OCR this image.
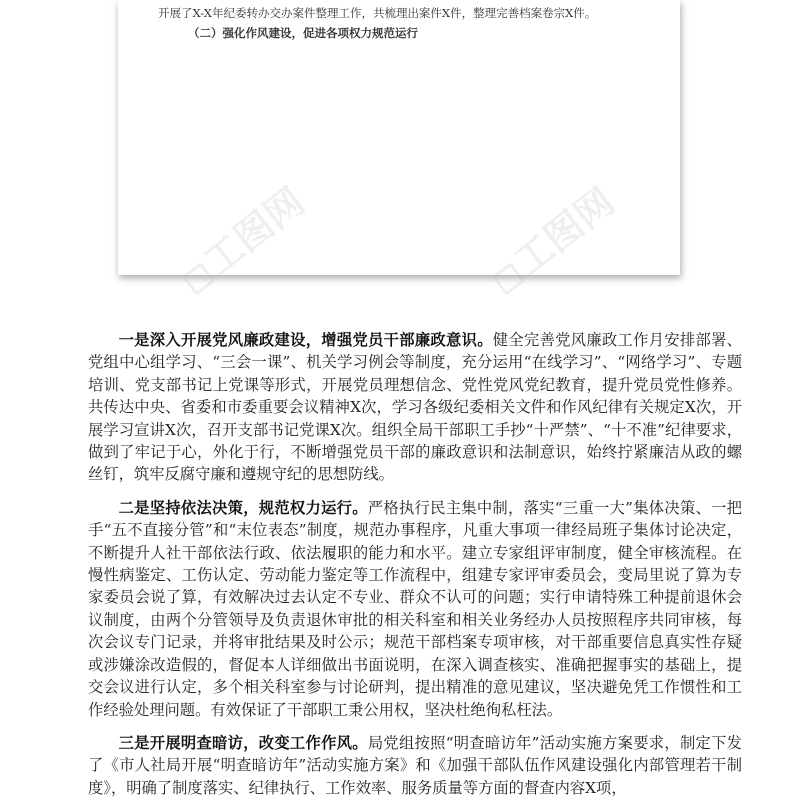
开展了X-X年纪委转办交办案件整理工作，共梳理出案件X件，整理完善档案卷宗X件。
（二）强化作风建设，促进各项权力规范运行
工图网	工图网

一是深入开展党风廉政建设，增强党员干部廉政意识。健全完善党风廉政工作月安排部署、党组中心组学习、“三会一课”、机关学习例会等制度，充分运用“在线学习”、“网络学习”、专题培训、党支部书记上党课等形式，开展党员理想信念、党性党风党纪教育，提升党员党性修养。共传达中央、省委和市委重要会议精神X次，学习各级纪委相关文件和作风纪律有关规定X次，开展学习宣讲X次，召开支部书记党课X次。组织全局干部职工手抄“十严禁”、“十不准”纪律要求，做到了牢记于心，外化于行，不断增强党员干部的廉政意识和法制意识，始终拧紧廉洁从政的螺丝钉，筑牢反腐守廉和遵规守纪的思想防线。

二是坚持依法决策，规范权力运行。严格执行民主集中制，落实“三重一大”集体决策、一把手“五不直接分管”和“末位表态”制度，规范办事程序，凡重大事项一律经局班子集体讨论决定，不断提升人社干部依法行政、依法履职的能力和水平。建立专家组评审制度，健全审核流程。在慢性病鉴定、工伤认定、劳动能力鉴定等工作流程中，组建专家评审委员会，变局里说了算为专家委员会说了算，有效解决过去认定不专业、群众不认可的问题；实行申请特殊工种提前退休会议制度，由两个分管领导及负责退休审批的相关科室和相关业务经办人员按照程序共同审核，每次会议专门记录，并将审批结果及时公示；规范干部档案专项审核，对干部重要信息真实性存疑或涉嫌涂改造假的，督促本人详细做出书面说明，在深入调查核实、准确把握事实的基础上，提交会议进行认定，多个相关科室参与讨论研判，提出精准的意见建议，坚决避免凭工作惯性和工作经验处理问题。有效保证了干部职工秉公用权，坚决杜绝徇私枉法。

三是开展明查暗访，改变工作作风。局党组按照“明查暗访年”活动实施方案要求，制定下发了《市人社局开展“明查暗访年”活动实施方案》和《加强干部队伍作风建设强化内部管理若干制度》，明确了制度落实、纪律执行、工作效率、服务质量等方面的督查内容X项，
